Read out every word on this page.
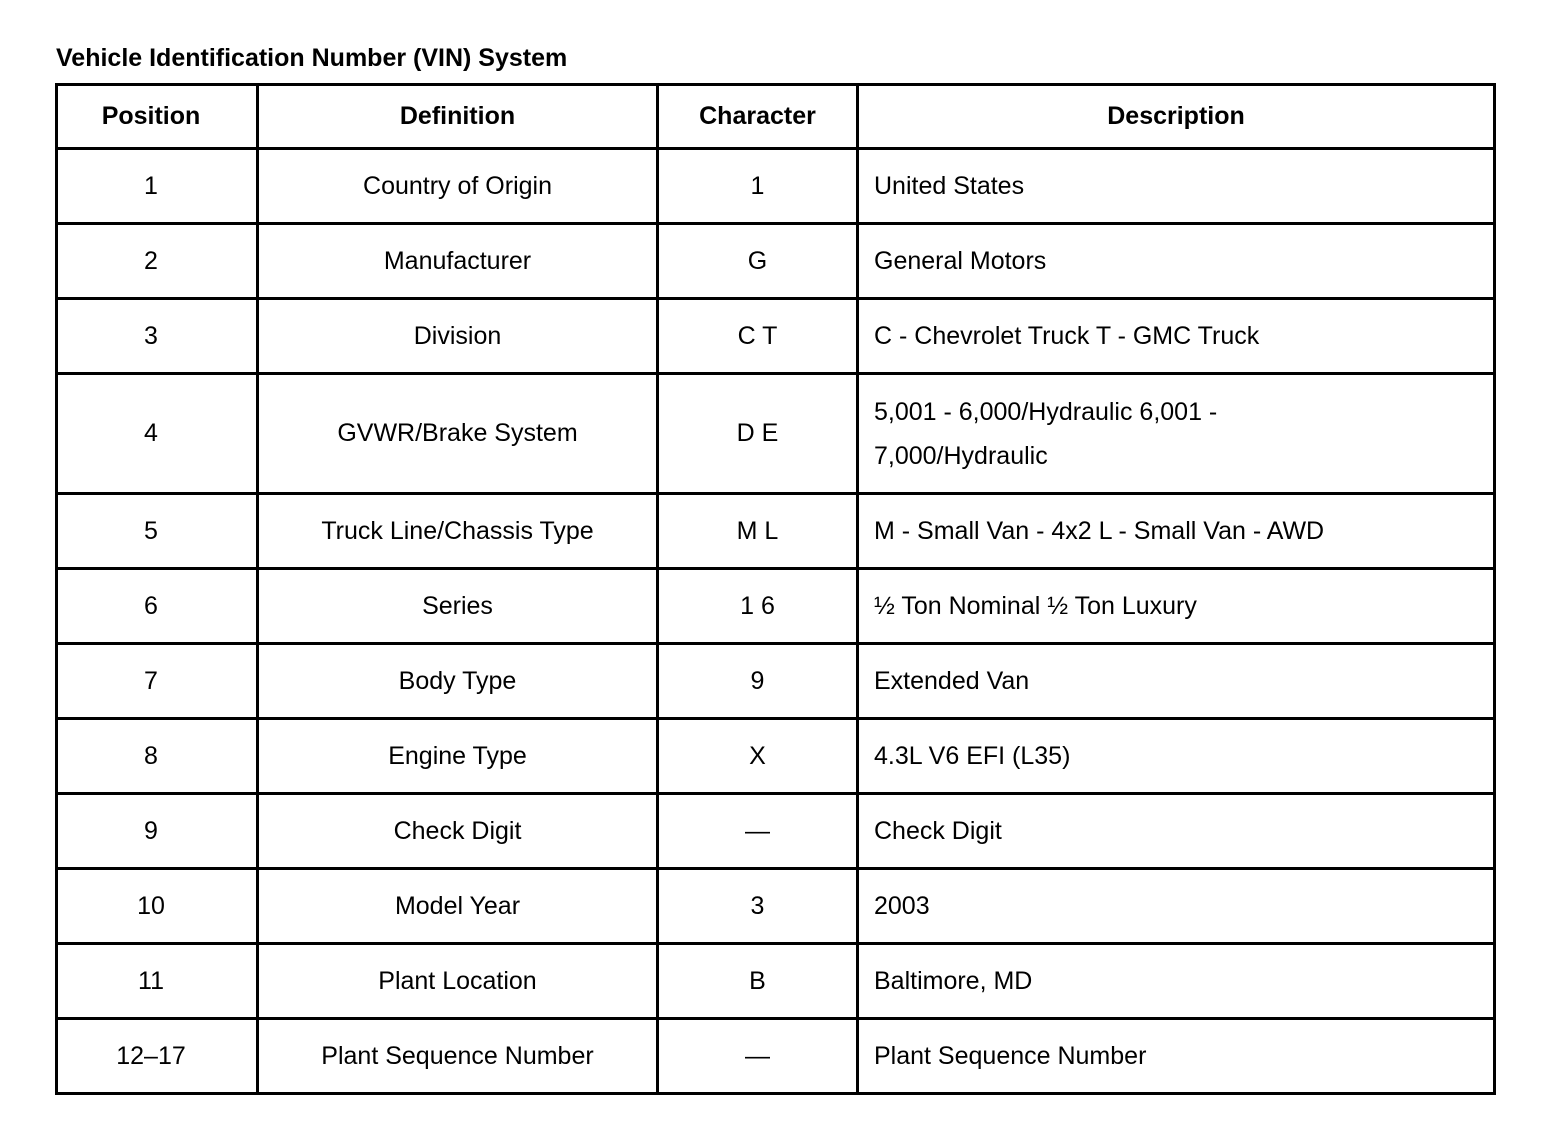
Vehicle Identification Number (VIN) System
Position	Definition	Character	Description
1	Country of Origin	1	United States
2	Manufacturer	G	General Motors
3	Division	C T	C - Chevrolet Truck T - GMC Truck
4	GVWR/Brake System	D E	5,001 - 6,000/Hydraulic 6,001 -
7,000/Hydraulic
5	Truck Line/Chassis Type	M L	M - Small Van - 4x2 L - Small Van - AWD
6	Series	1 6	½ Ton Nominal ½ Ton Luxury
7	Body Type	9	Extended Van
8	Engine Type	X	4.3L V6 EFI (L35)
9	Check Digit	—	Check Digit
10	Model Year	3	2003
11	Plant Location	B	Baltimore, MD
12–17	Plant Sequence Number	—	Plant Sequence Number
